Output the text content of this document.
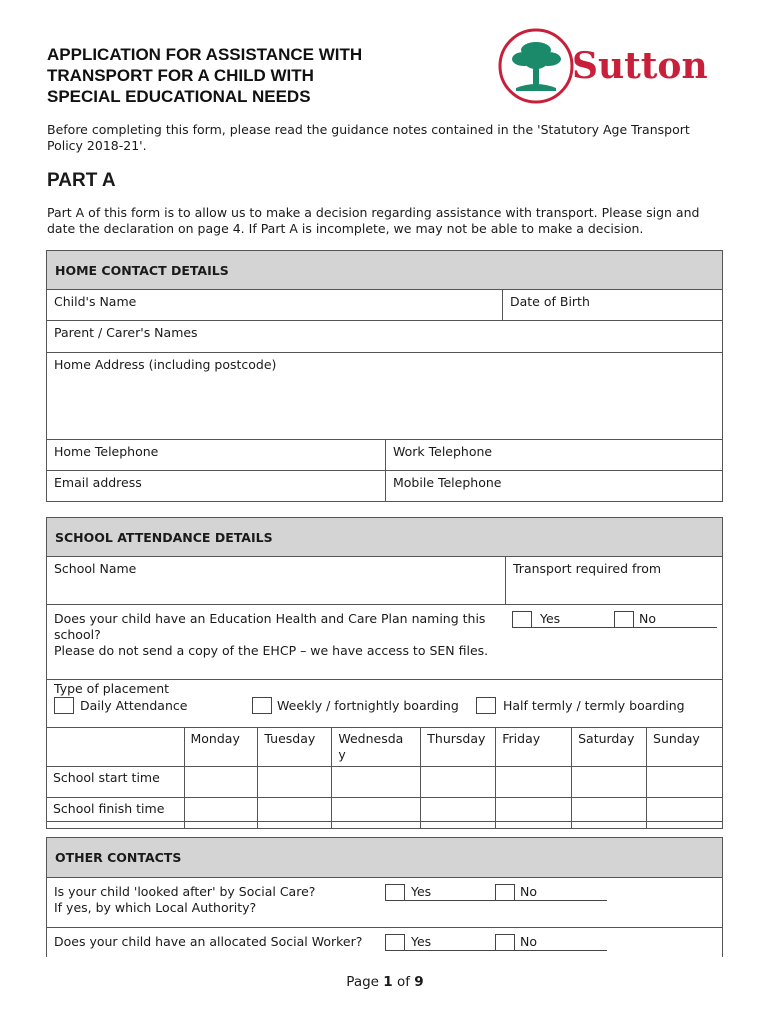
APPLICATION FOR ASSISTANCE WITH
TRANSPORT FOR A CHILD WITH
SPECIAL EDUCATIONAL NEEDS
Sutton
Before completing this form, please read the guidance notes contained in the 'Statutory Age Transport Policy 2018-21'.
PART A
Part A of this form is to allow us to make a decision regarding assistance with transport. Please sign and date the declaration on page 4. If Part A is incomplete, we may not be able to make a decision.
HOME CONTACT DETAILS
Child's Name	Date of Birth
Parent / Carer's Names
Home Address (including postcode)
Home Telephone	Work Telephone
Email address	Mobile Telephone
SCHOOL ATTENDANCE DETAILS
School Name	Transport required from
Does your child have an Education Health and Care Plan naming this school?
Please do not send a copy of the EHCP – we have access to SEN files.
Yes	No
Type of placement
Daily Attendance	Weekly / fortnightly boarding	Half termly / termly boarding
	Monday	Tuesday	Wednesda y	Thursday	Friday	Saturday	Sunday
School start time							
School finish time							
OTHER CONTACTS
Is your child 'looked after' by Social Care?
If yes, by which Local Authority?
Yes	No
Does your child have an allocated Social Worker?	Yes	No
Page 1 of 9
